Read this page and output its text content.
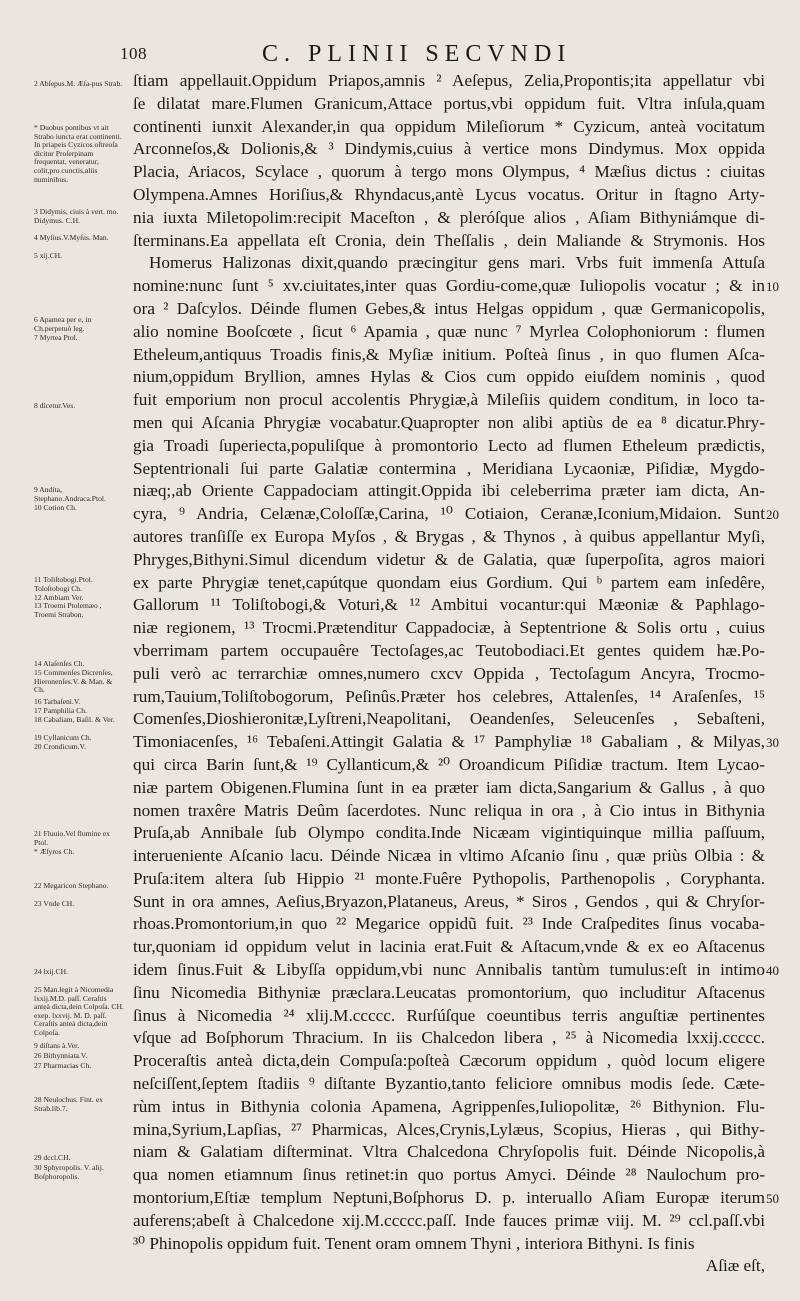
108	C. PLINII SECVNDI
2 Abſepus.M. Æſa-pus Strab.
* Duobus pontibus vt ait Strabo iuncta erat continenti. In priapeis Cyzicos oſtreoſa dicitur Proſerpinam frequentat, veneratur, colit,pro cunctis,aliis numinibus.
3 Didymis, ciuis à vert. mo. Didymus. C.H.
4 Myſius.V.Myſus. Man.
5 xij.CH.
6 Apamea per e, in Ch.perpetuò leg.
7 Myrtea Ptol.
8 dicetur.Ves.
9 Andita, Stephano.Andraca.Ptol.
10 Cotion Ch.
11 Toliſtobogi.Ptol. Toloſtobogi Ch.
12 Ambiam Ver.
13 Troemi Ptolemæo , Troemi Strabon.
14 Alaſenſes Ch.
15 Commenſes Dicrenſes, Hieronenſes.V. & Man. & Ch.
16 Tarbaſeni.V.
17 Pamphilia Ch.
18 Cabaliam, Baſil. & Ver.
19 Cyllanicum Ch.
20 Crondicum.V.
21 Fluuio.Vel flumine ex Ptol.
* Æſyros Ch.
22 Megaricon Stephano.
23 Vnde CH.
24 lxij.CH.
25 Man.legit à Nicomedia lxxij.M.D. paſſ. Ceraſtis anteà dicta,dein Colpoſa. CH. exep. lxxvij. M. D. paſſ. Ceraſtis anteà dicta,dein Colpoſa.
9 diſtans à.Ver.
26 Bithynniata.V.
27 Pharmacias Ch.
28 Neulochus. Fint. ex Strab.lib.7.
29 dccl.CH.
30 Sphyropolis. V. alij. Boſphoropolis.
ſtiam appellauit.Oppidum Priapos,amnis ² Aeſepus, Zelia,Propontis;ita appellatur vbi
ſe dilatat mare.Flumen Granicum,Attace portus,vbi oppidum fuit. Vltra inſula,quam
continenti iunxit Alexander,in qua oppidum Mileſiorum * Cyzicum, anteà vocitatum
Arconneſos,& Dolionis,& ³ Dindymis,cuius à vertice mons Dindymus. Mox oppida
Placia, Ariacos, Scylace , quorum à tergo mons Olympus, ⁴ Mæſius dictus : ciuitas
Olympena.Amnes Horiſius,& Rhyndacus,antè Lycus vocatus. Oritur in ſtagno Arty-
nia iuxta Miletopolim:recipit Maceſton , & pleróſque alios , Aſiam Bithyniámque di-
ſterminans.Ea appellata eſt Cronia, dein Theſſalis , dein Maliande & Strymonis. Hos
Homerus Halizonas dixit,quando præcingitur gens mari. Vrbs fuit immenſa Attuſa
nomine:nunc ſunt ⁵ xv.ciuitates,inter quas Gordiu-come,quæ Iuliopolis vocatur ; & in
ora ² Daſcylos. Déinde flumen Gebes,& intus Helgas oppidum , quæ Germanicopolis,
alio nomine Booſcœte , ſicut ⁶ Apamia , quæ nunc ⁷ Myrlea Colophoniorum : flumen
Etheleum,antiquus Troadis finis,& Myſiæ initium. Poſteà ſinus , in quo flumen Aſca-
nium,oppidum Bryllion, amnes Hylas & Cios cum oppido eiuſdem nominis , quod
fuit emporium non procul accolentis Phrygiæ,à Mileſiis quidem conditum, in loco ta-
men qui Aſcania Phrygiæ vocabatur.Quapropter non alibi aptiùs de ea ⁸ dicatur.Phry-
gia Troadi ſuperiecta,populiſque à promontorio Lecto ad flumen Etheleum prædictis,
Septentrionali ſui parte Galatiæ contermina , Meridiana Lycaoniæ, Piſidiæ, Mygdo-
niæq;,ab Oriente Cappadociam attingit.Oppida ibi celeberrima præter iam dicta, An-
cyra, ⁹ Andria, Celænæ,Coloſſæ,Carina, ¹⁰ Cotiaion, Ceranæ,Iconium,Midaion. Sunt
autores tranſiſſe ex Europa Myſos , & Brygas , & Thynos , à quibus appellantur Myſi,
Phryges,Bithyni.Simul dicendum videtur & de Galatia, quæ ſuperpoſita, agros maiori
ex parte Phrygiæ tenet,capútque quondam eius Gordium. Qui ᵇ partem eam inſedêre,
Gallorum ¹¹ Toliſtobogi,& Voturi,& ¹² Ambitui vocantur:qui Mæoniæ & Paphlago-
niæ regionem, ¹³ Trocmi.Prætenditur Cappadociæ, à Septentrione & Solis ortu , cuius
vberrimam partem occupauêre Tectoſages,ac Teutobodiaci.Et gentes quidem hæ.Po-
puli verò ac terrarchiæ omnes,numero cxcv Oppida , Tectoſagum Ancyra, Trocmo-
rum,Tauium,Toliſtobogorum, Peſinûs.Præter hos celebres, Attalenſes, ¹⁴ Araſenſes, ¹⁵
Comenſes,Dioshieronitæ,Lyſtreni,Neapolitani, Oeandenſes, Seleucenſes , Sebaſteni,
Timoniacenſes, ¹⁶ Tebaſeni.Attingit Galatia & ¹⁷ Pamphyliæ ¹⁸ Gabaliam , & Milyas,
qui circa Barin ſunt,& ¹⁹ Cyllanticum,& ²⁰ Oroandicum Piſidiæ tractum. Item Lycao-
niæ partem Obigenen.Flumina ſunt in ea præter iam dicta,Sangarium & Gallus , à quo
nomen traxêre Matris Deûm ſacerdotes. Nunc reliqua in ora , à Cio intus in Bithynia
Pruſa,ab Annibale ſub Olympo condita.Inde Nicæam vigintiquinque millia paſſuum,
interueniente Aſcanio lacu. Déinde Nicæa in vltimo Aſcanio ſinu , quæ priùs Olbia : &
Pruſa:item altera ſub Hippio ²¹ monte.Fuêre Pythopolis, Parthenopolis , Coryphanta.
Sunt in ora amnes, Aeſius,Bryazon,Plataneus, Areus, * Siros , Gendos , qui & Chryſor-
rhoas.Promontorium,in quo ²² Megarice oppidũ fuit. ²³ Inde Craſpedites ſinus vocaba-
tur,quoniam id oppidum velut in lacinia erat.Fuit & Aſtacum,vnde & ex eo Aſtacenus
idem ſinus.Fuit & Libyſſa oppidum,vbi nunc Annibalis tantùm tumulus:eſt in intimo
ſinu Nicomedia Bithyniæ præclara.Leucatas promontorium, quo includitur Aſtacenus
ſinus à Nicomedia ²⁴ xlij.M.ccccc. Rurſúſque coeuntibus terris anguſtiæ pertinentes
vſque ad Boſphorum Thracium. In iis Chalcedon libera , ²⁵ à Nicomedia lxxij.ccccc.
Proceraſtis anteà dicta,dein Compuſa:poſteà Cæcorum oppidum , quòd locum eligere
neſciſſent,ſeptem ſtadiis ⁹ diſtante Byzantio,tanto feliciore omnibus modis ſede. Cæte-
rùm intus in Bithynia colonia Apamena, Agrippenſes,Iuliopolitæ, ²⁶ Bithynion. Flu-
mina,Syrium,Lapſias, ²⁷ Pharmicas, Alces,Crynis,Lylæus, Scopius, Hieras , qui Bithy-
niam & Galatiam diſterminat. Vltra Chalcedona Chryſopolis fuit. Déinde Nicopolis,à
qua nomen etiamnum ſinus retinet:in quo portus Amyci. Déinde ²⁸ Naulochum pro-
montorium,Eſtiæ templum Neptuni,Boſphorus D. p. interuallo Aſiam Europæ iterum
auferens;abeſt à Chalcedone xij.M.ccccc.paſſ. Inde fauces primæ viij. M. ²⁹ ccl.paſſ.vbi
³⁰ Phinopolis oppidum fuit. Tenent oram omnem Thyni , interiora Bithyni. Is finis
Aſiæ eſt,
10
20
30
40
50
